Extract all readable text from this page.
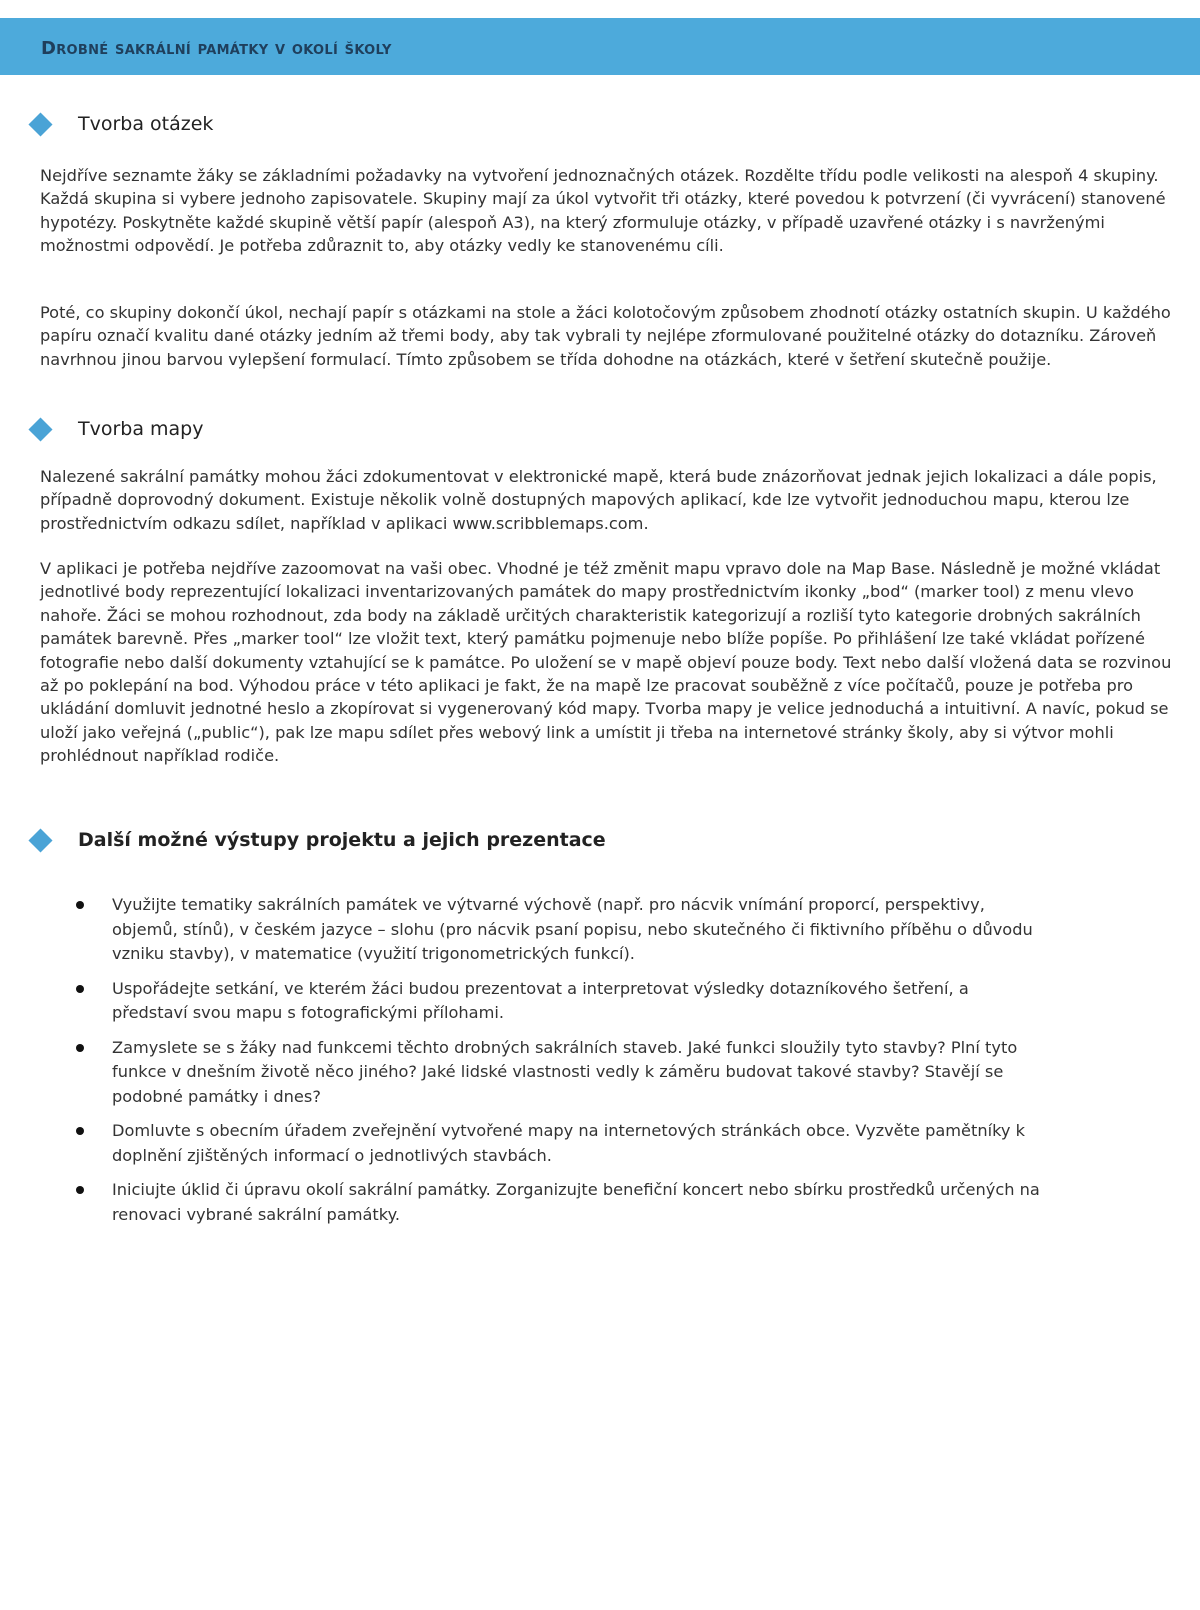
Drobné sakrální památky v okolí školy
Tvorba otázek

Nejdříve seznamte žáky se základními požadavky na vytvoření jednoznačných otázek. Rozdělte třídu podle velikosti na alespoň 4 skupiny. Každá skupina si vybere jednoho zapisovatele. Skupiny mají za úkol vytvořit tři otázky, které povedou k potvrzení (či vyvrácení) stanovené hypotézy. Poskytněte každé skupině větší papír (alespoň A3), na který zformuluje otázky, v případě uzavřené otázky i s navrženými možnostmi odpovědí. Je potřeba zdůraznit to, aby otázky vedly ke stanovenému cíli.

Poté, co skupiny dokončí úkol, nechají papír s otázkami na stole a žáci kolotočovým způsobem zhodnotí otázky ostatních skupin. U každého papíru označí kvalitu dané otázky jedním až třemi body, aby tak vybrali ty nejlépe zformulované použitelné otázky do dotazníku. Zároveň navrhnou jinou barvou vylepšení formulací. Tímto způsobem se třída dohodne na otázkách, které v šetření skutečně použije.

Tvorba mapy

Nalezené sakrální památky mohou žáci zdokumentovat v elektronické mapě, která bude znázorňovat jednak jejich lokalizaci a dále popis, případně doprovodný dokument. Existuje několik volně dostupných mapových aplikací, kde lze vytvořit jednoduchou mapu, kterou lze prostřednictvím odkazu sdílet, například v aplikaci www.scribblemaps.com.

V aplikaci je potřeba nejdříve zazoomovat na vaši obec. Vhodné je též změnit mapu vpravo dole na Map Base. Následně je možné vkládat jednotlivé body reprezentující lokalizaci inventarizovaných památek do mapy prostřednictvím ikonky „bod“ (marker tool) z menu vlevo nahoře. Žáci se mohou rozhodnout, zda body na základě určitých charakteristik kategorizují a rozliší tyto kategorie drobných sakrálních památek barevně. Přes „marker tool“ lze vložit text, který památku pojmenuje nebo blíže popíše. Po přihlášení lze také vkládat pořízené fotografie nebo další dokumenty vztahující se k památce. Po uložení se v mapě objeví pouze body. Text nebo další vložená data se rozvinou až po poklepání na bod. Výhodou práce v této aplikaci je fakt, že na mapě lze pracovat souběžně z více počítačů, pouze je potřeba pro ukládání domluvit jednotné heslo a zkopírovat si vygenerovaný kód mapy. Tvorba mapy je velice jednoduchá a intuitivní. A navíc, pokud se uloží jako veřejná („public“), pak lze mapu sdílet přes webový link a umístit ji třeba na internetové stránky školy, aby si výtvor mohli prohlédnout například rodiče.

Další možné výstupy projektu a jejich prezentace
Využijte tematiky sakrálních památek ve výtvarné výchově (např. pro nácvik vnímání proporcí, perspektivy, objemů, stínů), v českém jazyce – slohu (pro nácvik psaní popisu, nebo skutečného či fiktivního příběhu o důvodu vzniku stavby), v matematice (využití trigonometrických funkcí).
Uspořádejte setkání, ve kterém žáci budou prezentovat a interpretovat výsledky dotazníkového šetření, a představí svou mapu s fotografickými přílohami.
Zamyslete se s žáky nad funkcemi těchto drobných sakrálních staveb. Jaké funkci sloužily tyto stavby? Plní tyto funkce v dnešním životě něco jiného? Jaké lidské vlastnosti vedly k záměru budovat takové stavby? Stavějí se podobné památky i dnes?
Domluvte s obecním úřadem zveřejnění vytvořené mapy na internetových stránkách obce. Vyzvěte pamětníky k doplnění zjištěných informací o jednotlivých stavbách.
Iniciujte úklid či úpravu okolí sakrální památky. Zorganizujte benefiční koncert nebo sbírku prostředků určených na renovaci vybrané sakrální památky.
